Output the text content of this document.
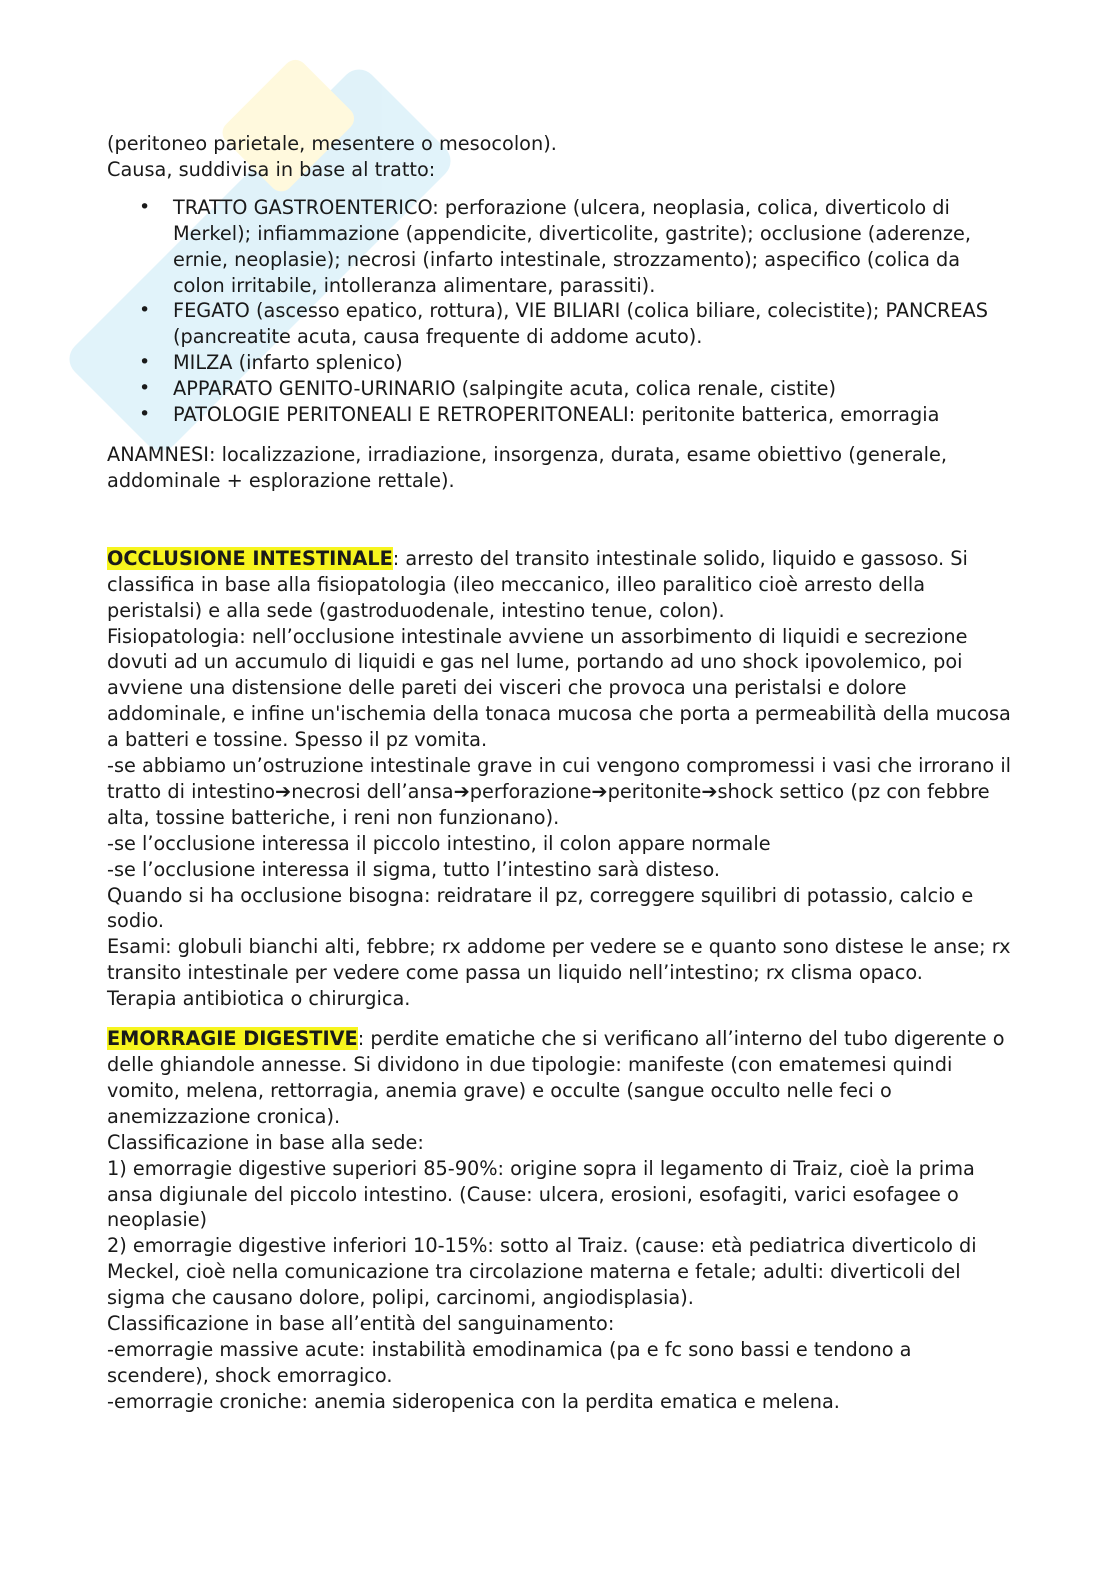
(peritoneo parietale, mesentere o mesocolon).

Causa, suddivisa in base al tratto:

• TRATTO GASTROENTERICO: perforazione (ulcera, neoplasia, colica, diverticolo di Merkel); infiammazione (appendicite, diverticolite, gastrite); occlusione (aderenze, ernie, neoplasie); necrosi (infarto intestinale, strozzamento); aspecifico (colica da colon irritabile, intolleranza alimentare, parassiti).
• FEGATO (ascesso epatico, rottura), VIE BILIARI (colica biliare, colecistite); PANCREAS (pancreatite acuta, causa frequente di addome acuto).
• MILZA (infarto splenico)
• APPARATO GENITO-URINARIO (salpingite acuta, colica renale, cistite)
• PATOLOGIE PERITONEALI E RETROPERITONEALI: peritonite batterica, emorragia

ANAMNESI: localizzazione, irradiazione, insorgenza, durata, esame obiettivo (generale, addominale + esplorazione rettale).

OCCLUSIONE INTESTINALE: arresto del transito intestinale solido, liquido e gassoso. Si classifica in base alla fisiopatologia (ileo meccanico, illeo paralitico cioè arresto della peristalsi) e alla sede (gastroduodenale, intestino tenue, colon).

Fisiopatologia: nell’occlusione intestinale avviene un assorbimento di liquidi e secrezione dovuti ad un accumulo di liquidi e gas nel lume, portando ad uno shock ipovolemico, poi avviene una distensione delle pareti dei visceri che provoca una peristalsi e dolore addominale, e infine un'ischemia della tonaca mucosa che porta a permeabilità della mucosa a batteri e tossine. Spesso il pz vomita.

-se abbiamo un’ostruzione intestinale grave in cui vengono compromessi i vasi che irrorano il tratto di intestino➔necrosi dell’ansa➔perforazione➔peritonite➔shock settico (pz con febbre alta, tossine batteriche, i reni non funzionano).

-se l’occlusione interessa il piccolo intestino, il colon appare normale

-se l’occlusione interessa il sigma, tutto l’intestino sarà disteso.

Quando si ha occlusione bisogna: reidratare il pz, correggere squilibri di potassio, calcio e sodio.

Esami: globuli bianchi alti, febbre; rx addome per vedere se e quanto sono distese le anse; rx transito intestinale per vedere come passa un liquido nell’intestino; rx clisma opaco.

Terapia antibiotica o chirurgica.

EMORRAGIE DIGESTIVE: perdite ematiche che si verificano all’interno del tubo digerente o delle ghiandole annesse. Si dividono in due tipologie: manifeste (con ematemesi quindi vomito, melena, rettorragia, anemia grave) e occulte (sangue occulto nelle feci o anemizzazione cronica).

Classificazione in base alla sede:

1) emorragie digestive superiori 85-90%: origine sopra il legamento di Traiz, cioè la prima ansa digiunale del piccolo intestino. (Cause: ulcera, erosioni, esofagiti, varici esofagee o neoplasie)

2) emorragie digestive inferiori 10-15%: sotto al Traiz. (cause: età pediatrica diverticolo di Meckel, cioè nella comunicazione tra circolazione materna e fetale; adulti: diverticoli del sigma che causano dolore, polipi, carcinomi, angiodisplasia).

Classificazione in base all’entità del sanguinamento:

-emorragie massive acute: instabilità emodinamica (pa e fc sono bassi e tendono a scendere), shock emorragico.

-emorragie croniche: anemia sideropenica con la perdita ematica e melena.
